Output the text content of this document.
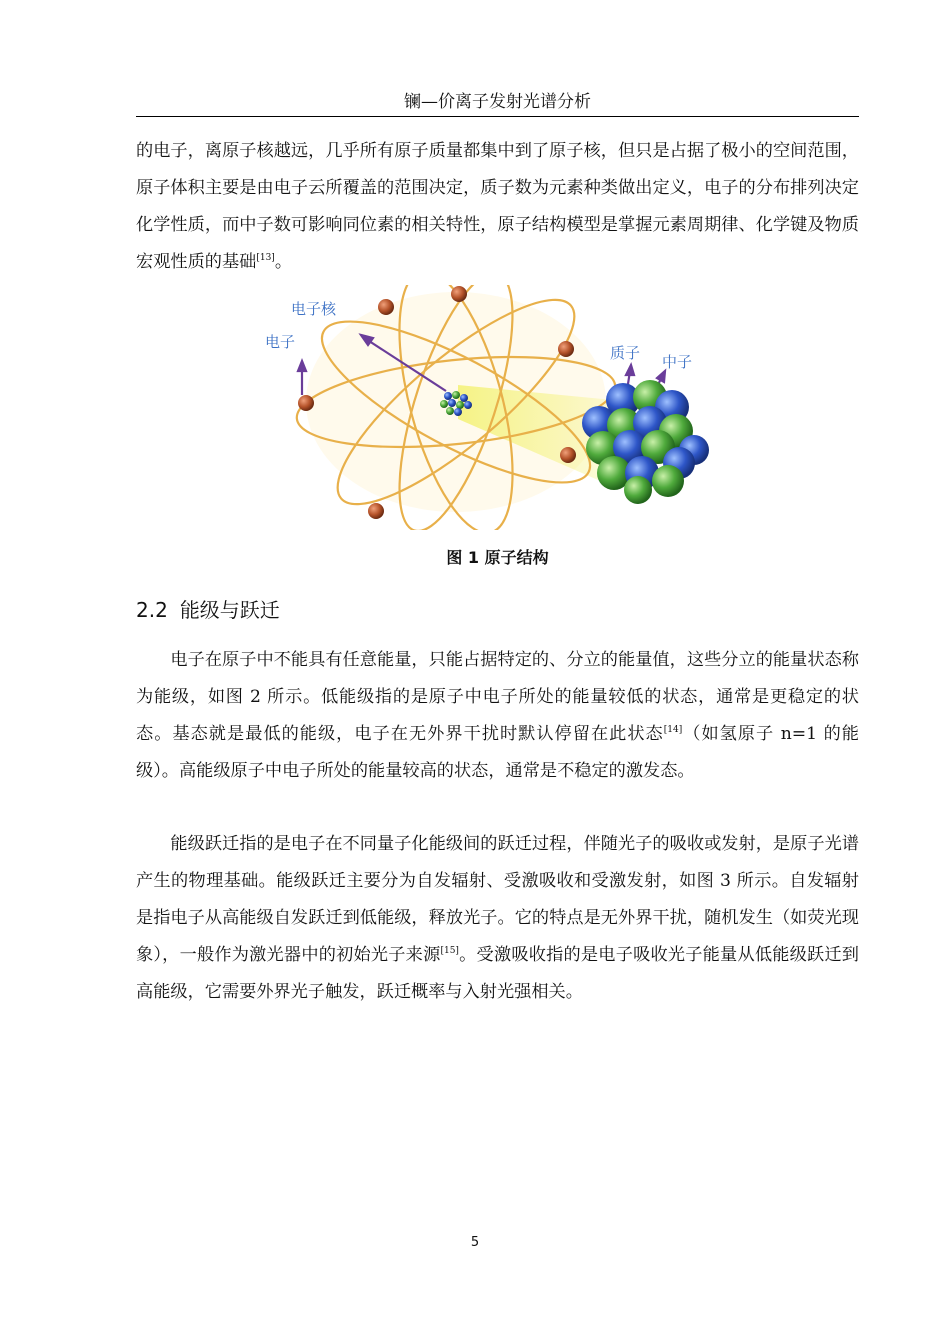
镧—价离子发射光谱分析

的电子，离原子核越远，几乎所有原子质量都集中到了原子核，但只是占据了极小的空间范围，原子体积主要是由电子云所覆盖的范围决定，质子数为元素种类做出定义，电子的分布排列决定化学性质，而中子数可影响同位素的相关特性，原子结构模型是掌握元素周期律、化学键及物质宏观性质的基础[13]。

电子核
电子
质子 中子
图 1 原子结构
2.2 能级与跃迁

电子在原子中不能具有任意能量，只能占据特定的、分立的能量值，这些分立的能量状态称为能级，如图 2 所示。低能级指的是原子中电子所处的能量较低的状态，通常是更稳定的状态。基态就是最低的能级，电子在无外界干扰时默认停留在此状态[14]（如氢原子 n=1 的能级）。高能级原子中电子所处的能量较高的状态，通常是不稳定的激发态。

能级跃迁指的是电子在不同量子化能级间的跃迁过程，伴随光子的吸收或发射，是原子光谱产生的物理基础。能级跃迁主要分为自发辐射、受激吸收和受激发射，如图 3 所示。自发辐射是指电子从高能级自发跃迁到低能级，释放光子。它的特点是无外界干扰，随机发生（如荧光现象），一般作为激光器中的初始光子来源[15]。受激吸收指的是电子吸收光子能量从低能级跃迁到高能级，它需要外界光子触发，跃迁概率与入射光强相关。

5
